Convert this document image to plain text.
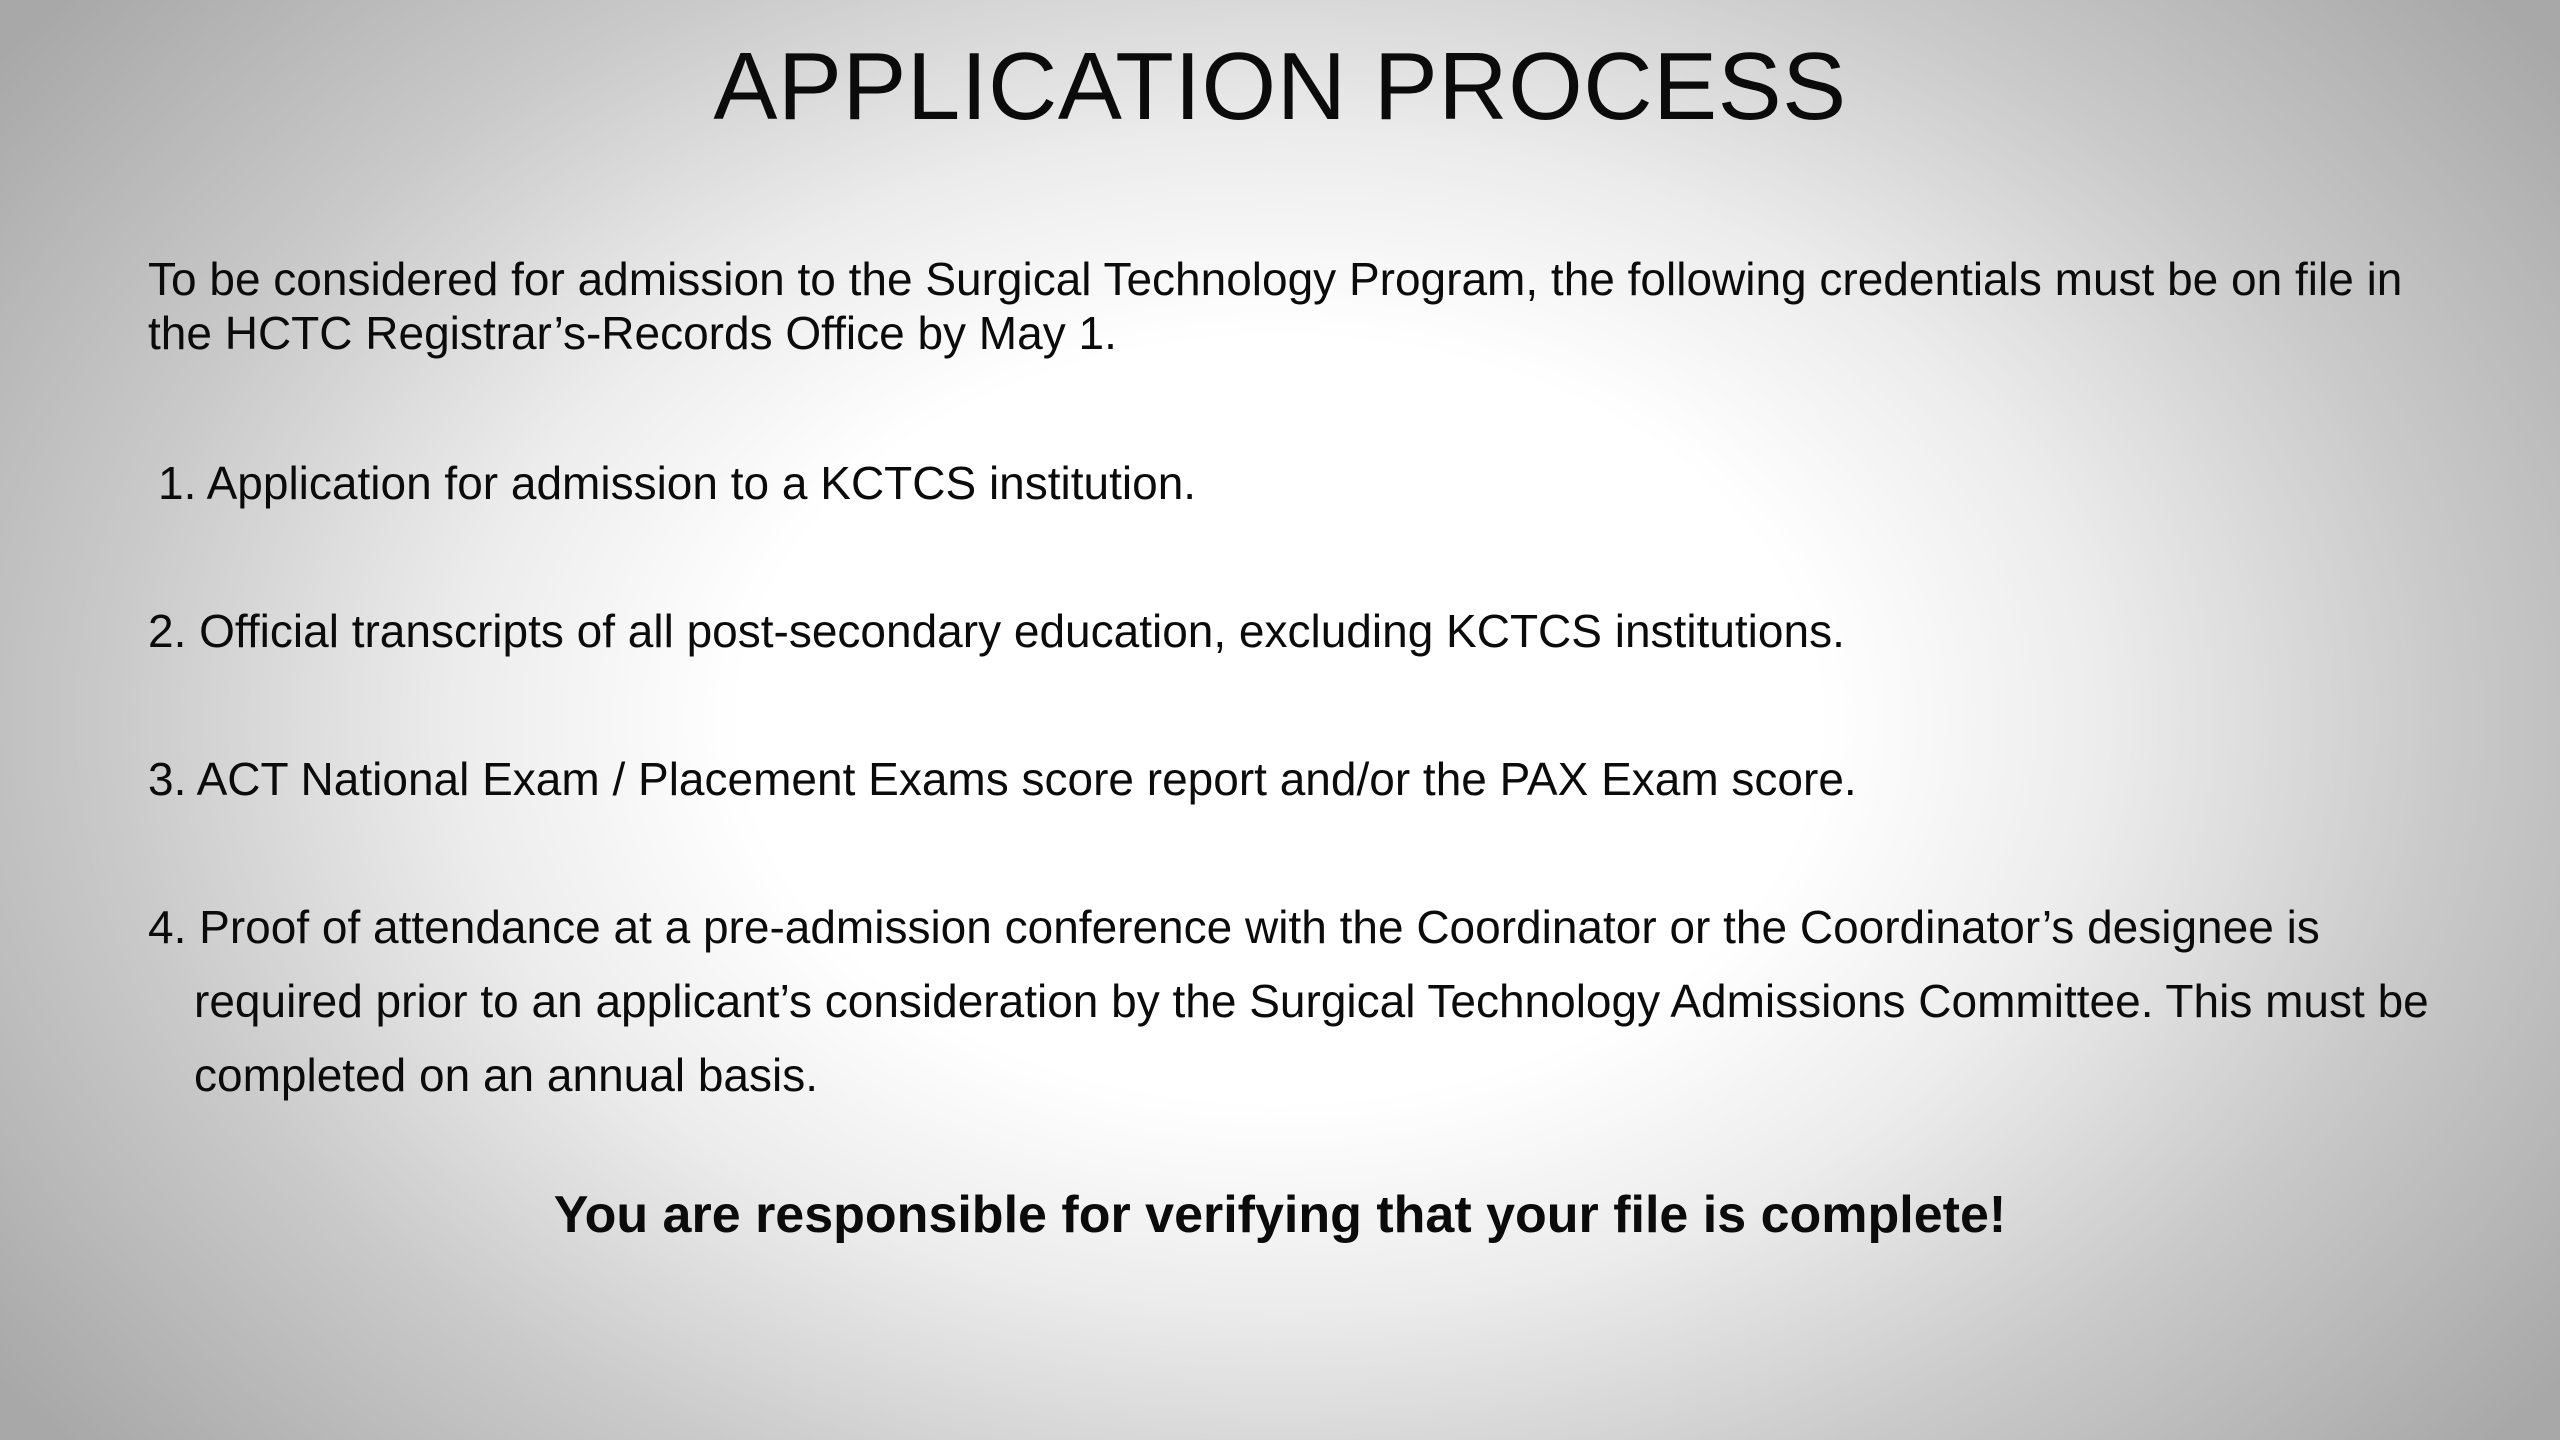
APPLICATION PROCESS
To be considered for admission to the Surgical Technology Program, the following credentials must be on file in the HCTC Registrar’s-Records Office by May 1.
1. Application for admission to a KCTCS institution.
2. Official transcripts of all post-secondary education, excluding KCTCS institutions.
3. ACT National Exam / Placement Exams score report and/or the PAX Exam score.
4. Proof of attendance at a pre-admission conference with the Coordinator or the Coordinator’s designee is required prior to an applicant’s consideration by the Surgical Technology Admissions Committee. This must be completed on an annual basis.
You are responsible for verifying that your file is complete!
